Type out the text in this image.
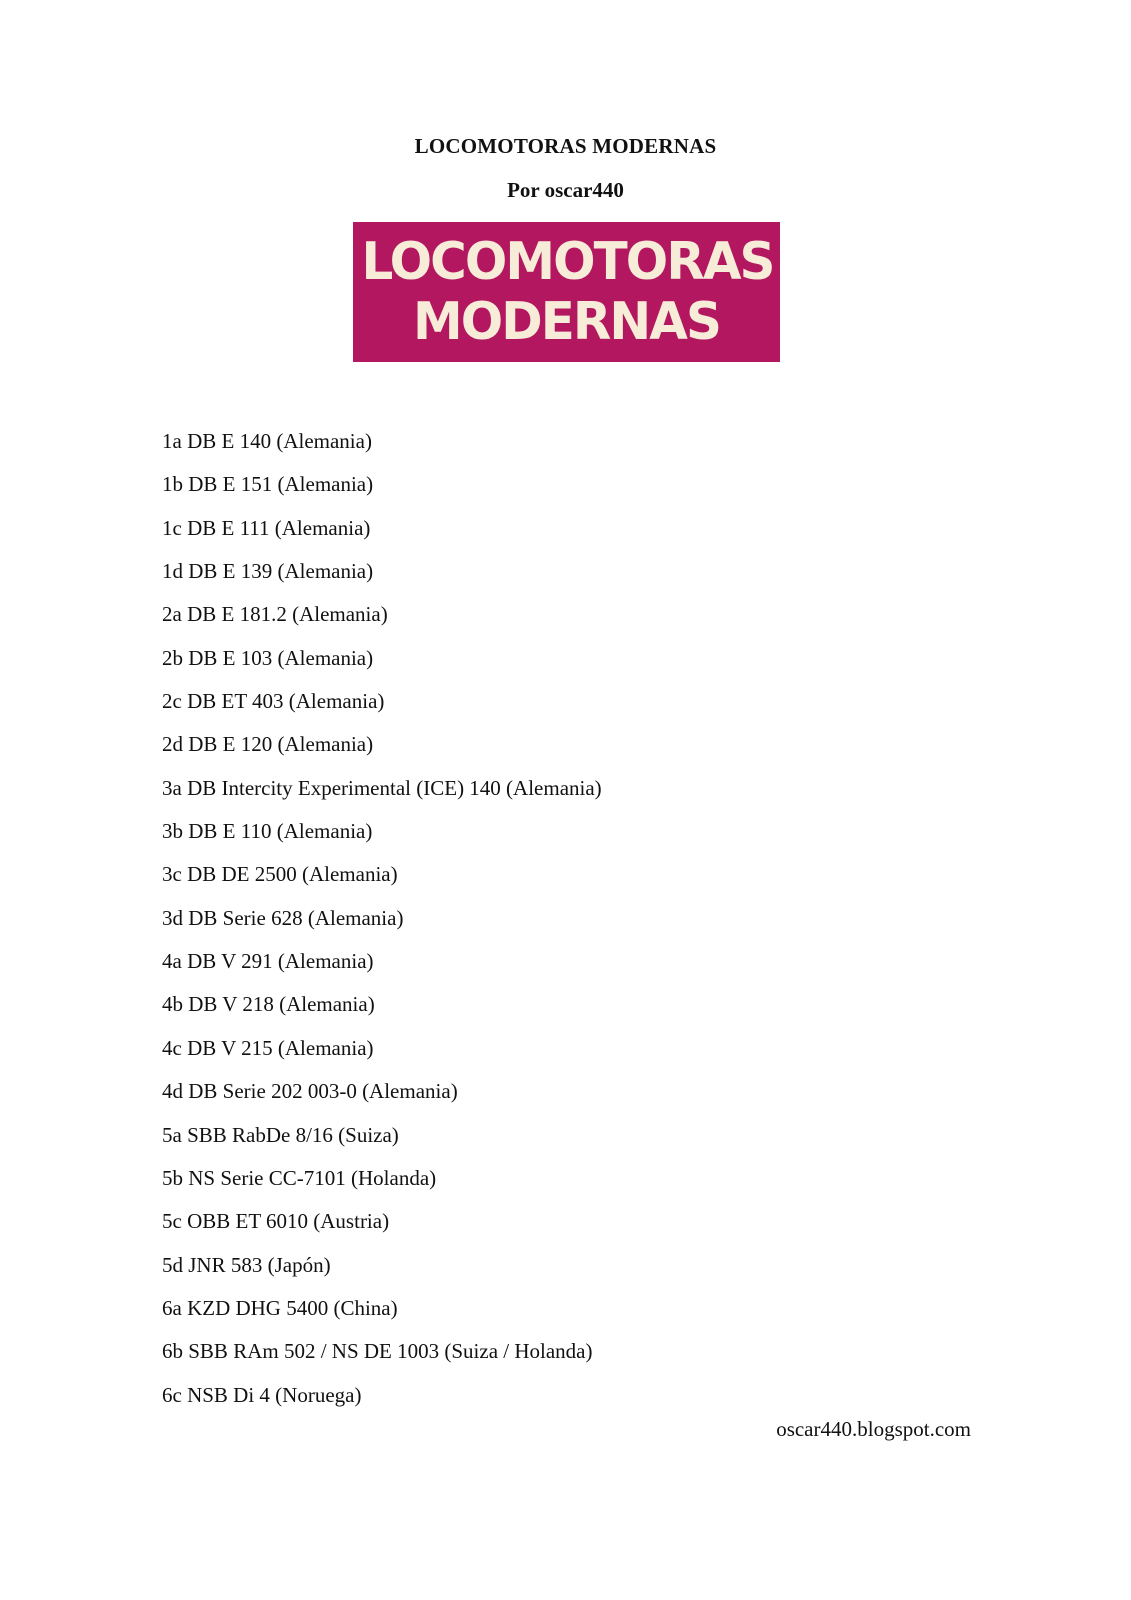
LOCOMOTORAS MODERNAS
Por oscar440
LOCOMOTORAS
MODERNAS
1a DB E 140 (Alemania)
1b DB E 151 (Alemania)
1c DB E 111 (Alemania)
1d DB E 139 (Alemania)
2a DB E 181.2 (Alemania)
2b DB E 103 (Alemania)
2c DB ET 403 (Alemania)
2d DB E 120 (Alemania)
3a DB Intercity Experimental (ICE) 140 (Alemania)
3b DB E 110 (Alemania)
3c DB DE 2500 (Alemania)
3d DB Serie 628 (Alemania)
4a DB V 291 (Alemania)
4b DB V 218 (Alemania)
4c DB V 215 (Alemania)
4d DB Serie 202 003-0 (Alemania)
5a SBB RabDe 8/16 (Suiza)
5b NS Serie CC-7101 (Holanda)
5c OBB ET 6010 (Austria)
5d JNR 583 (Japón)
6a KZD DHG 5400 (China)
6b SBB RAm 502 / NS DE 1003 (Suiza / Holanda)
6c NSB Di 4 (Noruega)
oscar440.blogspot.com
